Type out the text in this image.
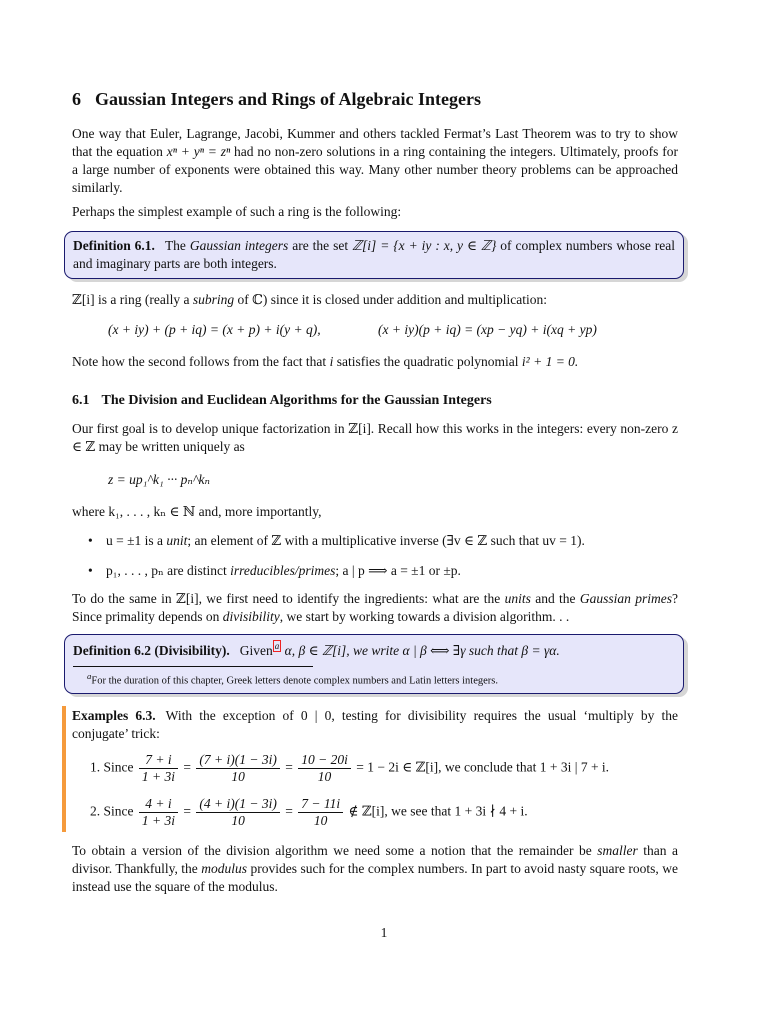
6 Gaussian Integers and Rings of Algebraic Integers

One way that Euler, Lagrange, Jacobi, Kummer and others tackled Fermat’s Last Theorem was to try to show that the equation xⁿ + yⁿ = zⁿ had no non-zero solutions in a ring containing the integers. Ultimately, proofs for a large number of exponents were obtained this way. Many other number theory problems can be approached similarly.

Perhaps the simplest example of such a ring is the following:

Definition 6.1. The Gaussian integers are the set ℤ[i] = {x + iy : x, y ∈ ℤ} of complex numbers whose real and imaginary parts are both integers.

ℤ[i] is a ring (really a subring of ℂ) since it is closed under addition and multiplication:

(x + iy) + (p + iq) = (x + p) + i(y + q),	(x + iy)(p + iq) = (xp − yq) + i(xq + yp)

Note how the second follows from the fact that i satisfies the quadratic polynomial i² + 1 = 0.

6.1 The Division and Euclidean Algorithms for the Gaussian Integers

Our first goal is to develop unique factorization in ℤ[i]. Recall how this works in the integers: every non-zero z ∈ ℤ may be written uniquely as

z = up₁^k₁ ··· pₙ^kₙ

where k₁, . . . , kₙ ∈ ℕ and, more importantly,

• u = ±1 is a unit; an element of ℤ with a multiplicative inverse (∃v ∈ ℤ such that uv = 1).
• p₁, . . . , pₙ are distinct irreducibles/primes; a | p ⟹ a = ±1 or ±p.

To do the same in ℤ[i], we first need to identify the ingredients: what are the units and the Gaussian primes? Since primality depends on divisibility, we start by working towards a division algorithm. . .

Definition 6.2 (Divisibility). Given a α, β ∈ ℤ[i], we write α | β ⟺ ∃γ such that β = γα.

$^a$For the duration of this chapter, Greek letters denote complex numbers and Latin letters integers.

Examples 6.3. With the exception of 0 | 0, testing for divisibility requires the usual ‘multiply by the conjugate’ trick:

1. Since $\frac{7 + i}{1 + 3i} = \frac{(7 + i)(1 - 3i)}{10} = \frac{10 - 20i}{10} = 1 - 2i$ ∈ ℤ[i], we conclude that 1 + 3i | 7 + i.
2. Since $\frac{4 + i}{1 + 3i} = \frac{(4 + i)(1 - 3i)}{10} = \frac{7 - 11i}{10}$ ∉ ℤ[i], we see that 1 + 3i ∤ 4 + i.

To obtain a version of the division algorithm we need some a notion that the remainder be smaller than a divisor. Thankfully, the modulus provides such for the complex numbers. In part to avoid nasty square roots, we instead use the square of the modulus.

1
